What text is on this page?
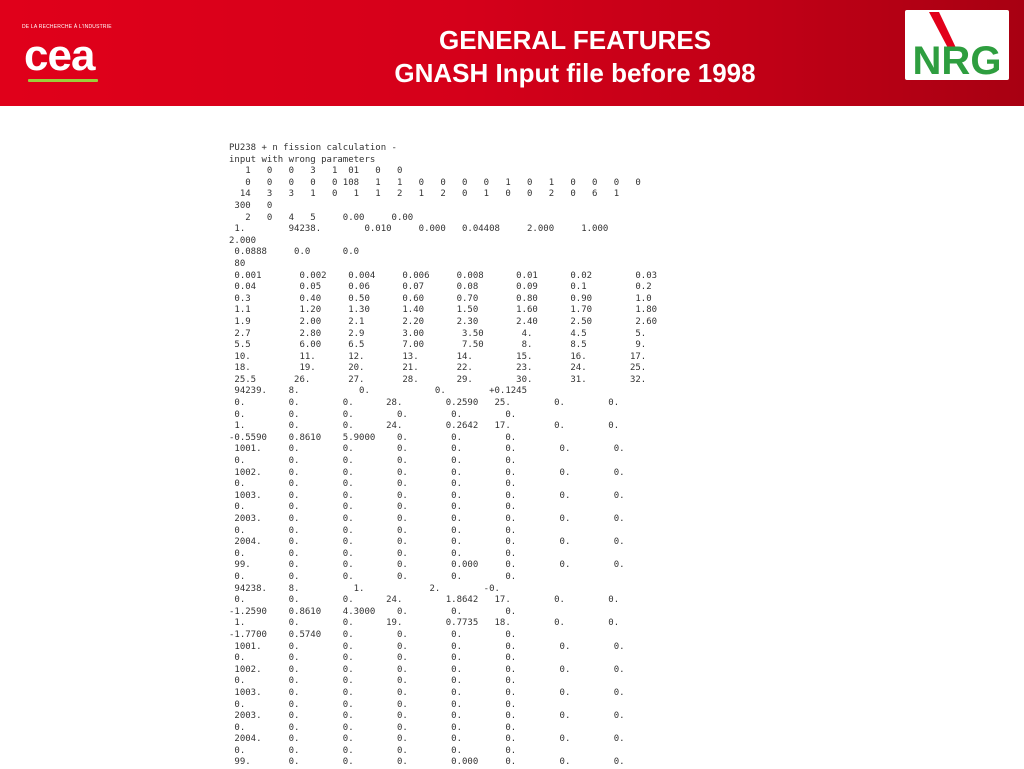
DE LA RECHERCHE À L'INDUSTRIE
cea	GENERAL FEATURES
GNASH Input file before 1998	NRG
PU238 + n fission calculation -
input with wrong parameters
1   0   0   3   1  01   0   0
0   0   0   0   0 108   1   1   0   0   0   0   1   0   1   0   0   0   0
14   3   3   1   0   1   1   2   1   2   0   1   0   0   2   0   6   1
300   0
2   0   4   5     0.00     0.00
1.        94238.        0.010     0.000   0.04408     2.000     1.000
2.000
0.0888     0.0      0.0
80
0.001       0.002    0.004     0.006     0.008      0.01      0.02        0.03
0.04        0.05     0.06      0.07      0.08       0.09      0.1         0.2
0.3         0.40     0.50      0.60      0.70       0.80      0.90        1.0
1.1         1.20     1.30      1.40      1.50       1.60      1.70        1.80
1.9         2.00     2.1       2.20      2.30       2.40      2.50        2.60
2.7         2.80     2.9       3.00       3.50       4.       4.5         5.
5.5         6.00     6.5       7.00       7.50       8.       8.5         9.
10.         11.      12.       13.       14.        15.       16.        17.
18.         19.      20.       21.       22.        23.       24.        25.
25.5       26.       27.       28.       29.        30.       31.        32.
94239.    8.           0.            0.        +0.1245
0.        0.        0.      28.        0.2590   25.        0.        0.
0.        0.        0.        0.        0.        0.
1.        0.        0.      24.        0.2642   17.        0.        0.
-0.5590    0.8610    5.9000    0.        0.        0.
1001.     0.        0.        0.        0.        0.        0.        0.
0.        0.        0.        0.        0.        0.
1002.     0.        0.        0.        0.        0.        0.        0.
0.        0.        0.        0.        0.        0.
1003.     0.        0.        0.        0.        0.        0.        0.
0.        0.        0.        0.        0.        0.
2003.     0.        0.        0.        0.        0.        0.        0.
0.        0.        0.        0.        0.        0.
2004.     0.        0.        0.        0.        0.        0.        0.
0.        0.        0.        0.        0.        0.
99.       0.        0.        0.        0.000     0.        0.        0.
0.        0.        0.        0.        0.        0.
94238.    8.          1.            2.        -0.
0.        0.        0.      24.        1.8642   17.        0.        0.
-1.2590    0.8610    4.3000    0.        0.        0.
1.        0.        0.      19.        0.7735   18.        0.        0.
-1.7700    0.5740    0.        0.        0.        0.
1001.     0.        0.        0.        0.        0.        0.        0.
0.        0.        0.        0.        0.        0.
1002.     0.        0.        0.        0.        0.        0.        0.
0.        0.        0.        0.        0.        0.
1003.     0.        0.        0.        0.        0.        0.        0.
0.        0.        0.        0.        0.        0.
2003.     0.        0.        0.        0.        0.        0.        0.
0.        0.        0.        0.        0.        0.
2004.     0.        0.        0.        0.        0.        0.        0.
0.        0.        0.        0.        0.        0.
99.       0.        0.        0.        0.000     0.        0.        0.
